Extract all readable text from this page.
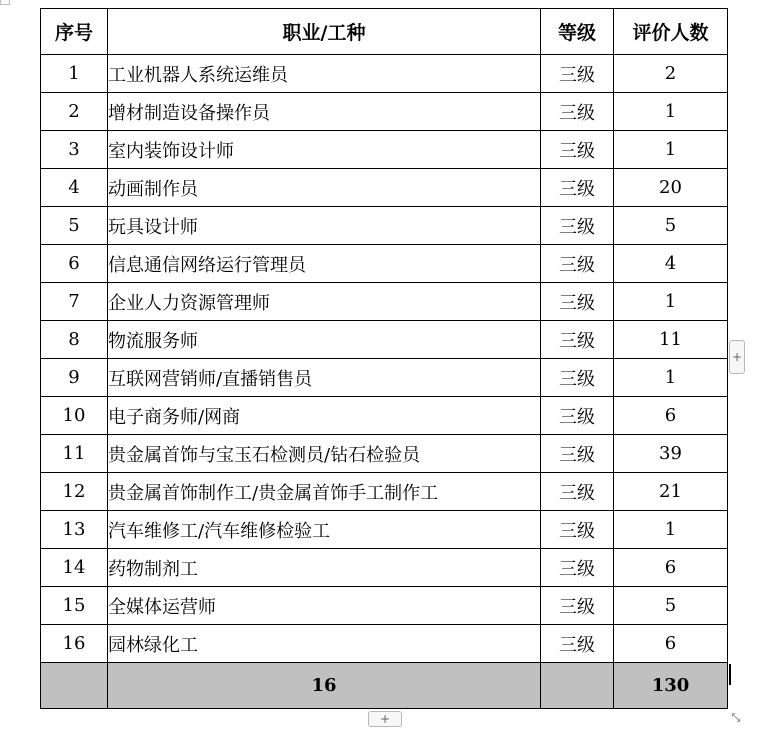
序号	职业/工种	等级	评价人数
1	工业机器人系统运维员	三级	2
2	增材制造设备操作员	三级	1
3	室内装饰设计师	三级	1
4	动画制作员	三级	20
5	玩具设计师	三级	5
6	信息通信网络运行管理员	三级	4
7	企业人力资源管理师	三级	1
8	物流服务师	三级	11
9	互联网营销师/直播销售员	三级	1
10	电子商务师/网商	三级	6
11	贵金属首饰与宝玉石检测员/钻石检验员	三级	39
12	贵金属首饰制作工/贵金属首饰手工制作工	三级	21
13	汽车维修工/汽车维修检验工	三级	1
14	药物制剂工	三级	6
15	全媒体运营师	三级	5
16	园林绿化工	三级	6
	16		130
+
+	⤡
